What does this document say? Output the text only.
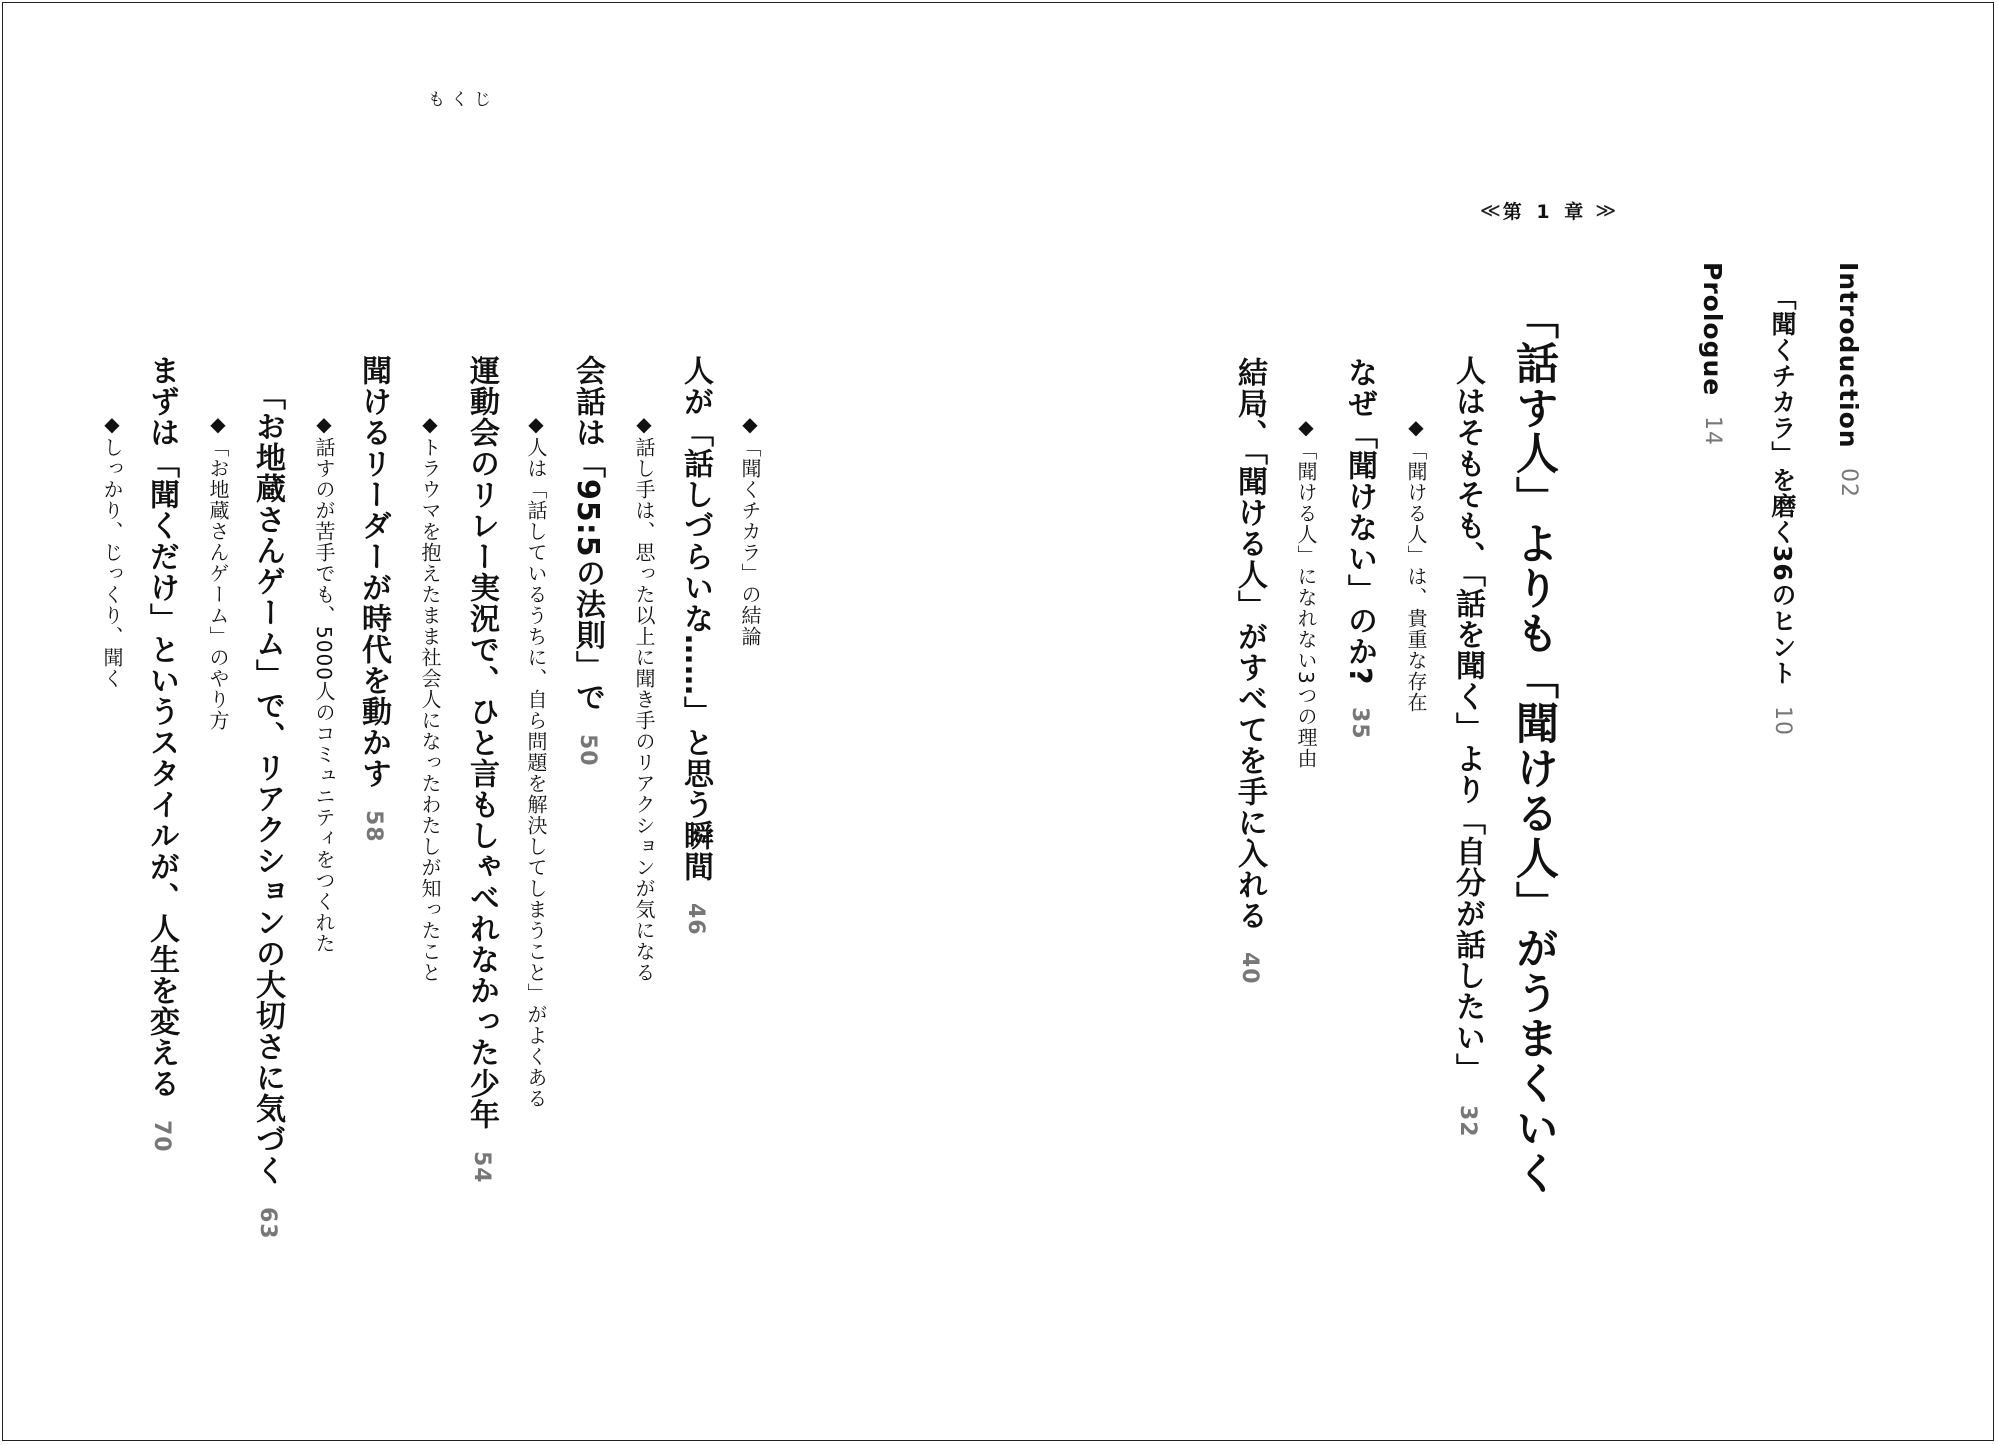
もくじ
Introduction 02
「聞くチカラ」を磨く36のヒント 10
Prologue 14
≪ 第 1 章 ≫
「話す人」よりも「聞ける人」がうまくいく
人はそもそも、「話を聞く」より「自分が話したい」 32
◆「聞ける人」は、貴重な存在
なぜ「聞けない」のか? 35
◆「聞ける人」になれない3つの理由
結局、「聞ける人」がすべてを手に入れる 40
◆「聞くチカラ」の結論
人が「話しづらいな……」と思う瞬間 46
◆話し手は、思った以上に聞き手のリアクションが気になる
会話は「95:5の法則」で 50
◆人は「話しているうちに、自ら問題を解決してしまうこと」がよくある
運動会のリレー実況で、ひと言もしゃべれなかった少年 54
◆トラウマを抱えたまま社会人になったわたしが知ったこと
聞けるリーダーが時代を動かす 58
◆話すのが苦手でも、5000人のコミュニティをつくれた
「お地蔵さんゲーム」で、リアクションの大切さに気づく 63
◆「お地蔵さんゲーム」のやり方
まずは「聞くだけ」というスタイルが、人生を変える 70
◆しっかり、じっくり、聞く
